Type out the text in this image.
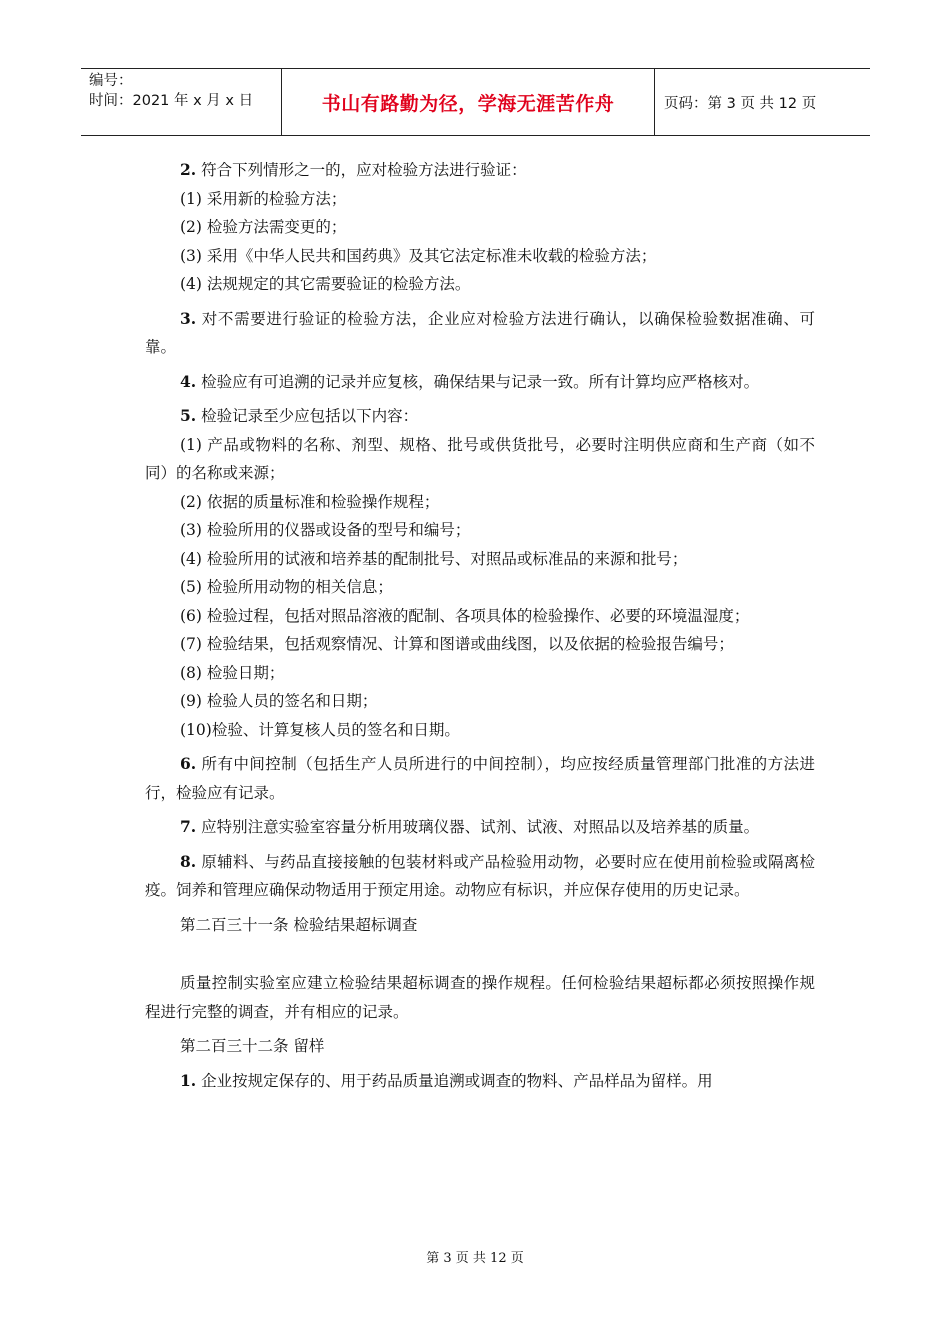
编号：
时间：2021 年 x 月 x 日	书山有路勤为径，学海无涯苦作舟	页码：第 3 页 共 12 页

2. 符合下列情形之一的，应对检验方法进行验证：

(1) 采用新的检验方法；

(2) 检验方法需变更的；

(3) 采用《中华人民共和国药典》及其它法定标准未收载的检验方法；

(4) 法规规定的其它需要验证的检验方法。

3. 对不需要进行验证的检验方法，企业应对检验方法进行确认，以确保检验数据准确、可靠。

4. 检验应有可追溯的记录并应复核，确保结果与记录一致。所有计算均应严格核对。

5. 检验记录至少应包括以下内容：

(1) 产品或物料的名称、剂型、规格、批号或供货批号，必要时注明供应商和生产商（如不同）的名称或来源；

(2) 依据的质量标准和检验操作规程；

(3) 检验所用的仪器或设备的型号和编号；

(4) 检验所用的试液和培养基的配制批号、对照品或标准品的来源和批号；

(5) 检验所用动物的相关信息；

(6) 检验过程，包括对照品溶液的配制、各项具体的检验操作、必要的环境温湿度；

(7) 检验结果，包括观察情况、计算和图谱或曲线图，以及依据的检验报告编号；

(8) 检验日期；

(9) 检验人员的签名和日期；

(10)检验、计算复核人员的签名和日期。

6. 所有中间控制（包括生产人员所进行的中间控制），均应按经质量管理部门批准的方法进行，检验应有记录。

7. 应特别注意实验室容量分析用玻璃仪器、试剂、试液、对照品以及培养基的质量。

8. 原辅料、与药品直接接触的包装材料或产品检验用动物，必要时应在使用前检验或隔离检疫。饲养和管理应确保动物适用于预定用途。动物应有标识，并应保存使用的历史记录。

第二百三十一条 检验结果超标调查

质量控制实验室应建立检验结果超标调查的操作规程。任何检验结果超标都必须按照操作规程进行完整的调查，并有相应的记录。

第二百三十二条 留样

1. 企业按规定保存的、用于药品质量追溯或调查的物料、产品样品为留样。用

第 3 页 共 12 页
